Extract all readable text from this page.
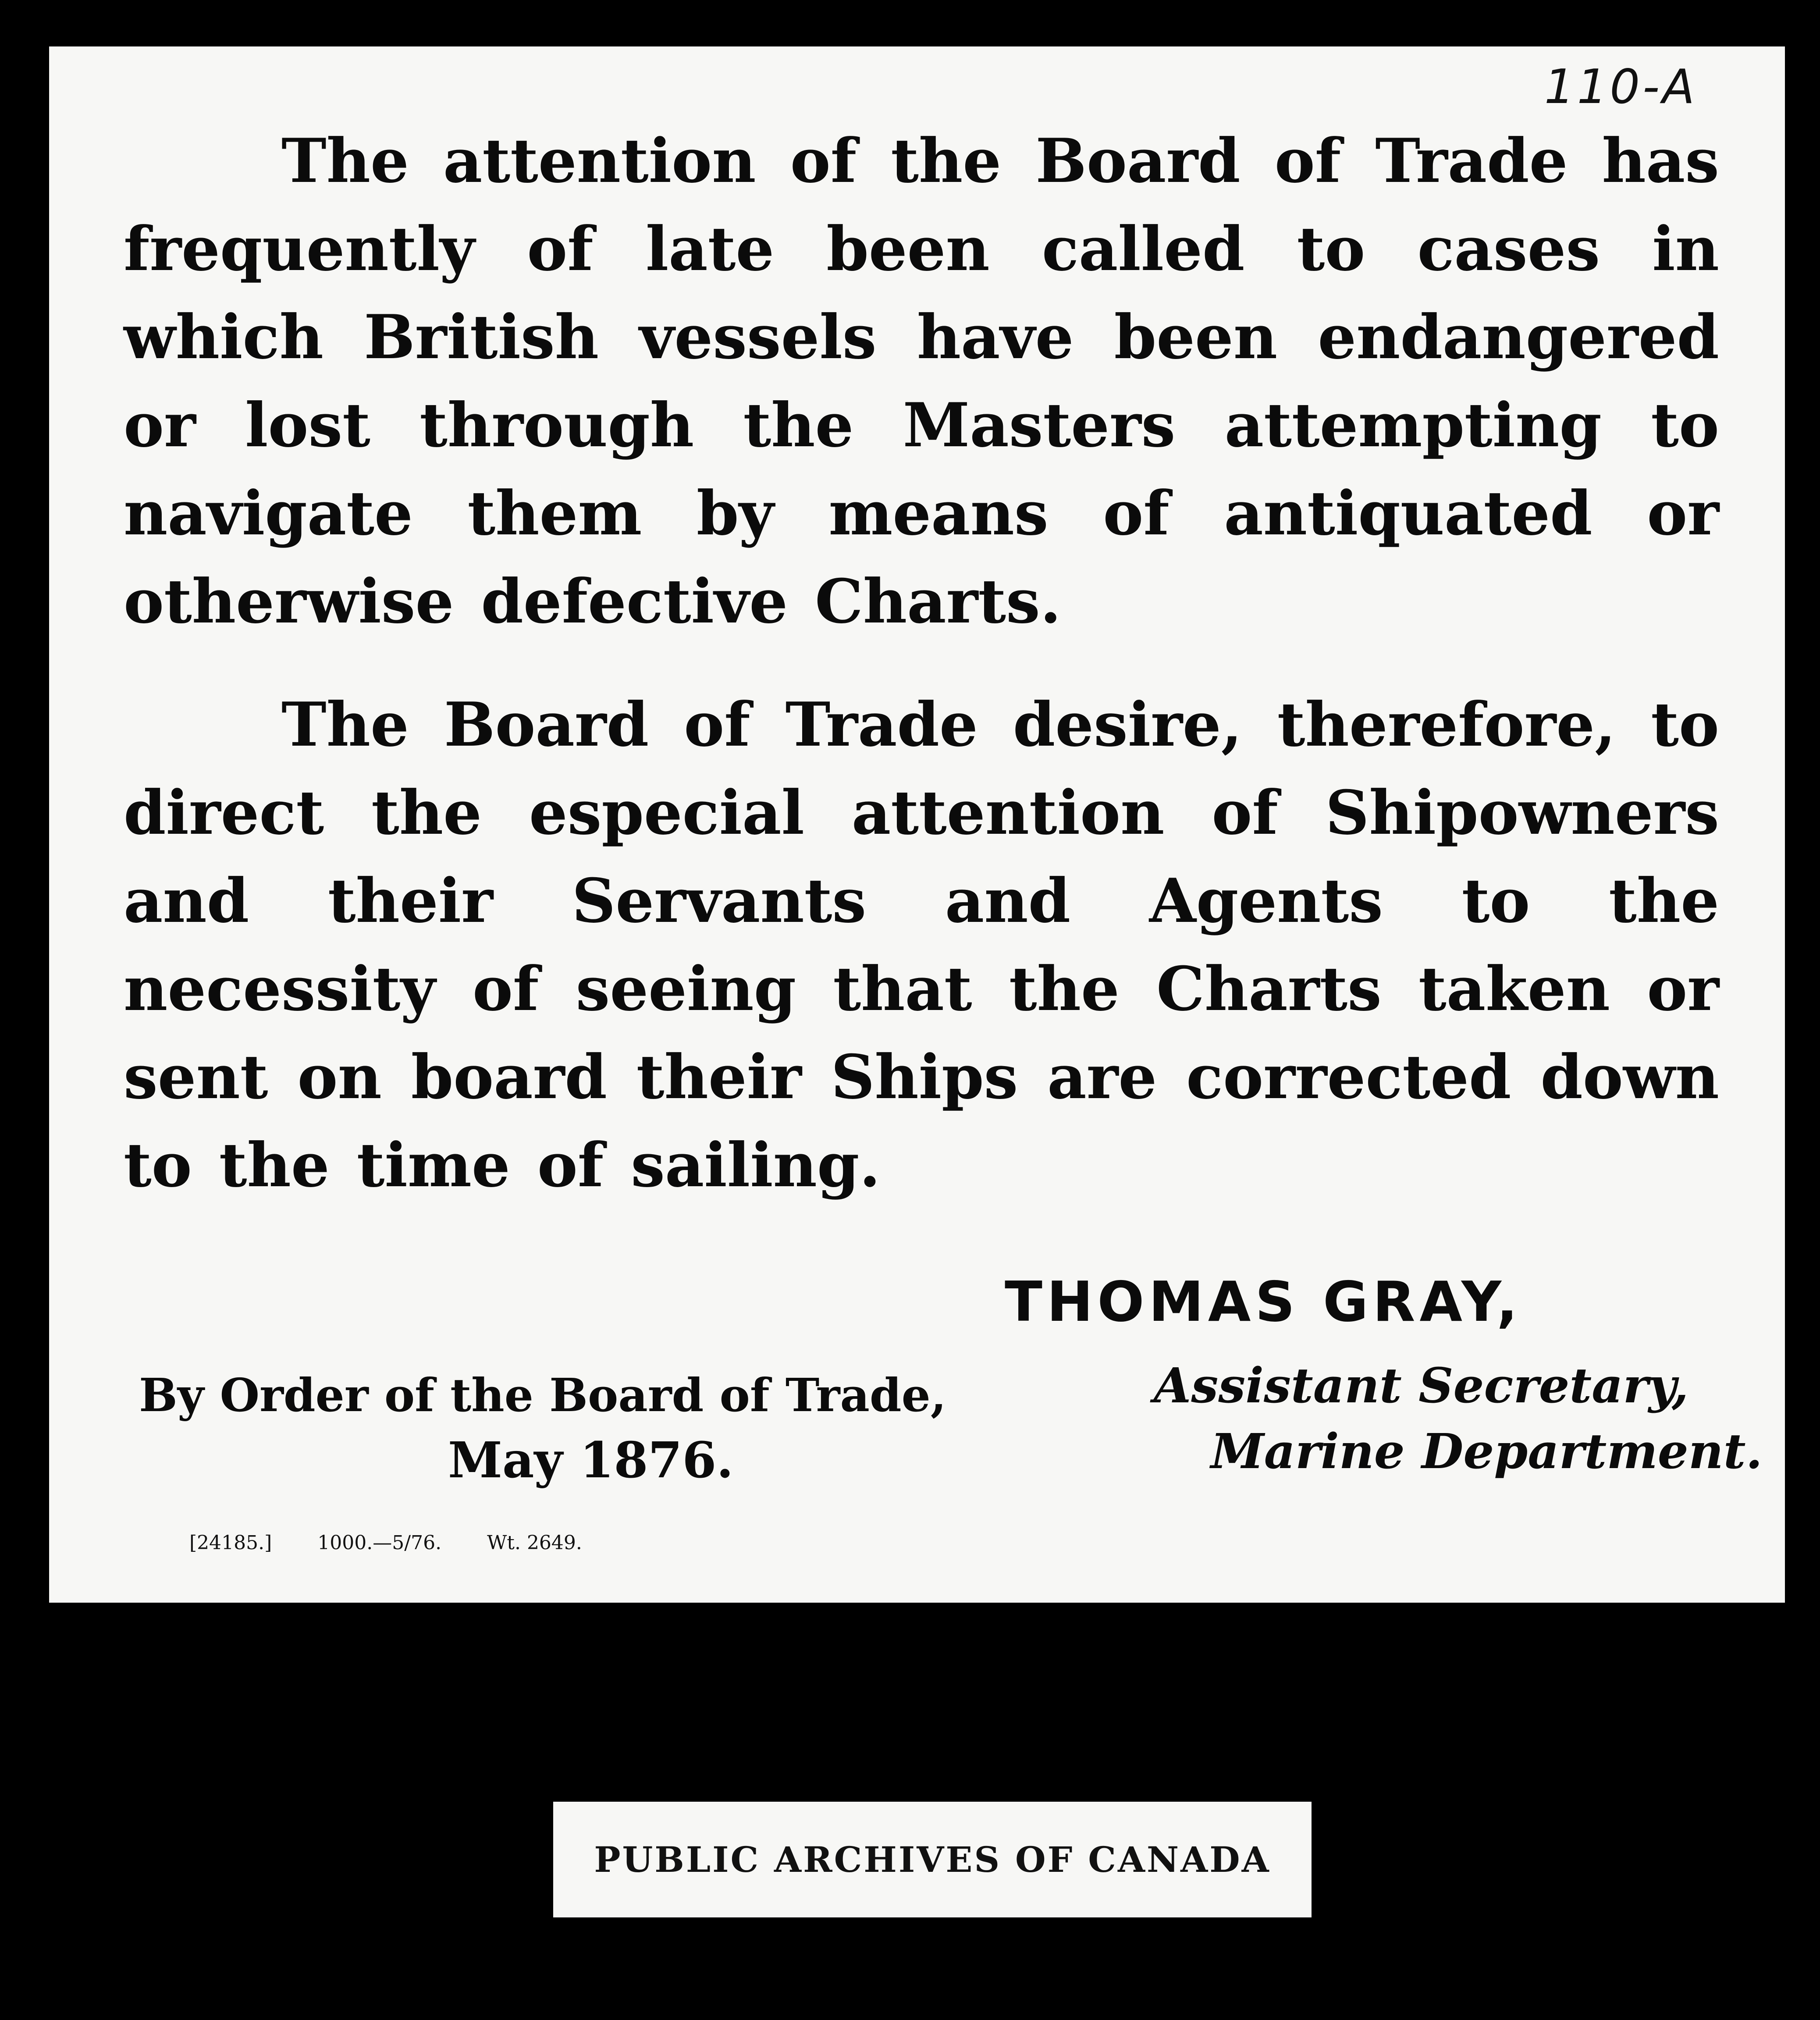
110-A

The attention of the Board of Trade has frequently of late been called to cases in which British vessels have been endangered or lost through the Masters attempting to navigate them by means of antiquated or otherwise defective Charts.

The Board of Trade desire, therefore, to direct the especial attention of Shipowners and their Servants and Agents to the necessity of seeing that the Charts taken or sent on board their Ships are corrected down to the time of sailing.

THOMAS GRAY,
Assistant Secretary,
Marine Department.
By Order of the Board of Trade,
May 1876.
[24185.] 1000.—5/76. Wt. 2649.
PUBLIC ARCHIVES OF CANADA
